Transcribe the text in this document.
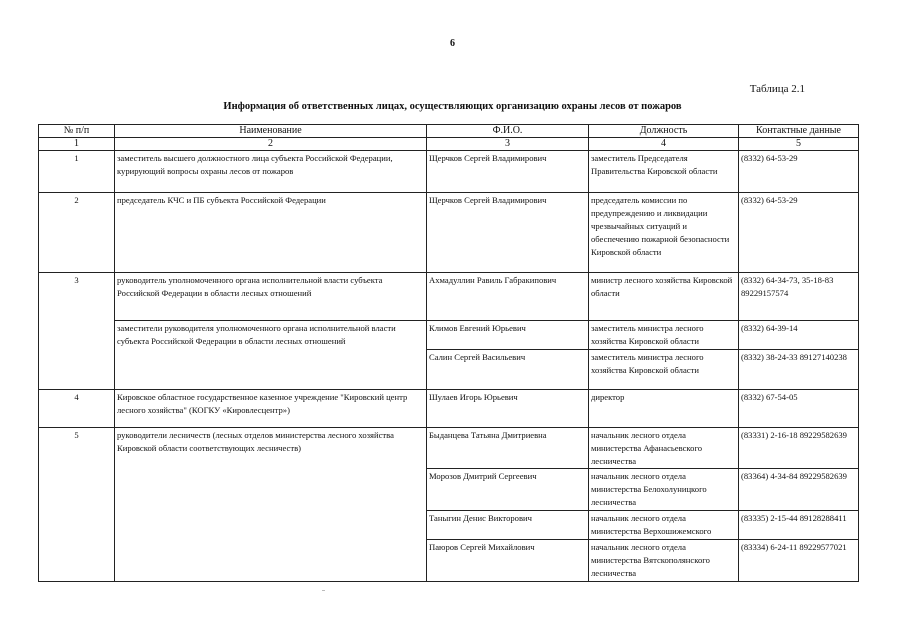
6
Таблица 2.1
Информация об ответственных лицах, осуществляющих организацию охраны лесов от пожаров
№ п/п	Наименование	Ф.И.О.	Должность	Контактные данные
1	2	3	4	5
1	заместитель высшего должностного лица субъекта Российской Федерации, курирующий вопросы охраны лесов от пожаров	Щерчков Сергей Владимирович	заместитель Председателя Правительства Кировской области	(8332) 64-53-29
2	председатель КЧС и ПБ субъекта Российской Федерации	Щерчков Сергей Владимирович	председатель комиссии по предупреждению и ликвидации чрезвычайных ситуаций и обеспечению пожарной безопасности Кировской области	(8332) 64-53-29
3	руководитель уполномоченного органа исполнительной власти субъекта Российской Федерации в области лесных отношений	Ахмадуллин Равиль Габракипович	министр лесного хозяйства Кировской области	(8332) 64-34-73, 35-18-83 89229157574
	заместители руководителя уполномоченного органа исполнительной власти субъекта Российской Федерации в области лесных отношений	Климов Евгений Юрьевич	заместитель министра лесного хозяйства Кировской области	(8332) 64-39-14
		Салин Сергей Васильевич	заместитель министра лесного хозяйства Кировской области	(8332) 38-24-33 89127140238
4	Кировское областное государственное казенное учреждение "Кировский центр лесного хозяйства" (КОГКУ «Кировлесцентр»)	Шулаев Игорь Юрьевич	директор	(8332) 67-54-05
5	руководители лесничеств (лесных отделов министерства лесного хозяйства Кировской области соответствующих лесничеств)	Быданцева Татьяна Дмитриевна	начальник лесного отдела министерства Афанасьевского лесничества	(83331) 2-16-18 89229582639
		Морозов Дмитрий Сергеевич	начальник лесного отдела министерства Белохолуницкого лесничества	(83364) 4-34-84 89229582639
		Таныгин Денис Викторович	начальник лесного отдела министерства Верхошижемского	(83335) 2-15-44 89128288411
		Паюров Сергей Михайлович	начальник лесного отдела министерства Вятскополянского лесничества	(83334) 6-24-11 89229577021
